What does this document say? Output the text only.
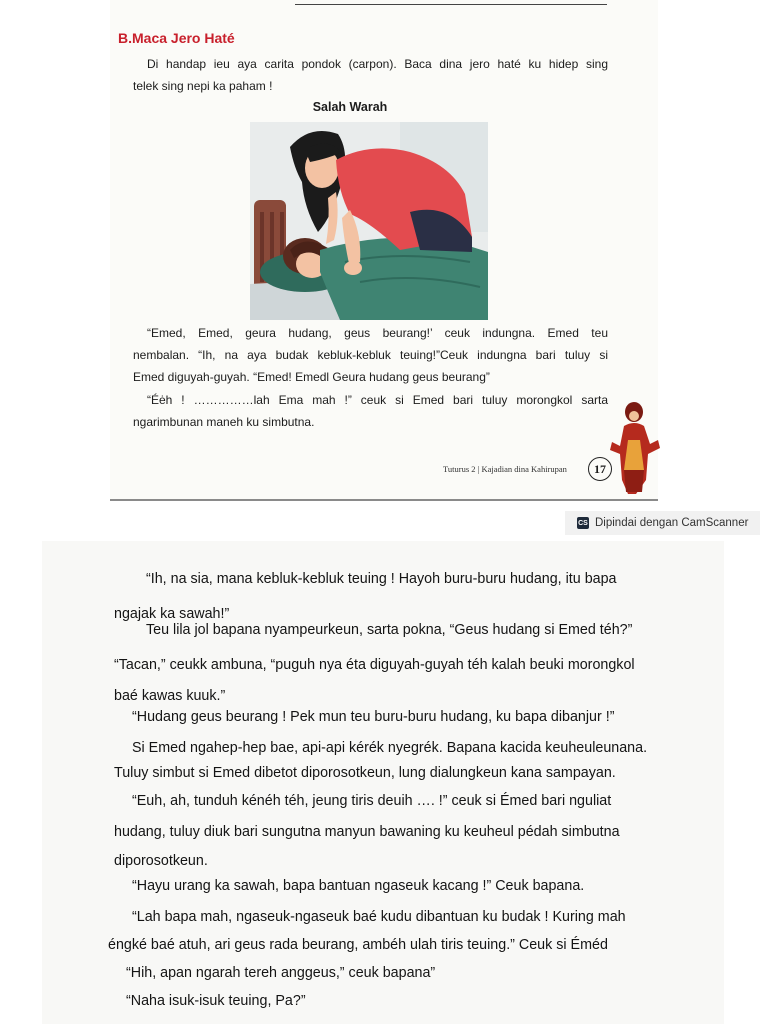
B.Maca Jero Haté
Di handap ieu aya carita pondok (carpon). Baca dina jero haté ku hidep sing
telek sing nepi ka paham !
Salah Warah
“Emed, Emed, geura hudang, geus beurang!’ ceuk indungna. Emed teu
nembalan. “Ih, na aya budak kebluk-kebluk teuing!”Ceuk indungna bari tuluy si
Emed diguyah-guyah. “Emed! Emedl Geura hudang geus beurang”
“Éėh ! ……………lah Ema mah !” ceuk si Emed bari tuluy morongkol sarta
ngarimbunan maneh ku simbutna.
Tuturus 2 | Kajadian dina Kahirupan	17
CS Dipindai dengan CamScanner
“Ih, na sia, mana kebluk-kebluk teuing ! Hayoh buru-buru hudang, itu bapa
ngajak ka sawah!”
Teu lila jol bapana nyampeurkeun, sarta pokna, “Geus hudang si Emed téh?”
“Tacan,” ceukk ambuna, “puguh nya éta diguyah-guyah téh kalah beuki morongkol
baé kawas kuuk.”
“Hudang geus beurang ! Pek mun teu buru-buru hudang, ku bapa dibanjur !”
Si Emed ngahep-hep bae, api-api kérék nyegrék. Bapana kacida keuheuleunana.
Tuluy simbut si Emed dibetot diporosotkeun, lung dialungkeun kana sampayan.
“Euh, ah, tunduh kénéh téh, jeung tiris deuih …. !” ceuk si Émed bari nguliat
hudang, tuluy diuk bari sungutna manyun bawaning ku keuheul pédah simbutna
diporosotkeun.
“Hayu urang ka sawah, bapa bantuan ngaseuk kacang !” Ceuk bapana.
“Lah bapa mah, ngaseuk-ngaseuk baé kudu dibantuan ku budak ! Kuring mah
éngké baé atuh, ari geus rada beurang, ambéh ulah tiris teuing.” Ceuk si Éméd
“Hih, apan ngarah tereh anggeus,” ceuk bapana”
“Naha isuk-isuk teuing, Pa?”
